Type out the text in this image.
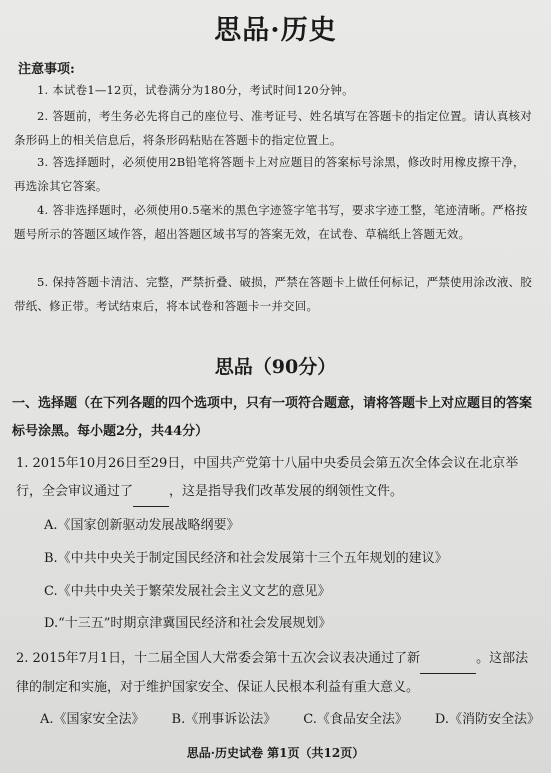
思品·历史
注意事项:
1. 本试卷1—12页，试卷满分为180分，考试时间120分钟。
2. 答题前，考生务必先将自己的座位号、准考证号、姓名填写在答题卡的指定位置。请认真核对条形码上的相关信息后，将条形码粘贴在答题卡的指定位置上。
3. 答选择题时，必须使用2B铅笔将答题卡上对应题目的答案标号涂黑，修改时用橡皮擦干净，再选涂其它答案。
4. 答非选择题时，必须使用0.5毫米的黑色字迹签字笔书写，要求字迹工整，笔迹清晰。严格按题号所示的答题区域作答，超出答题区域书写的答案无效，在试卷、草稿纸上答题无效。
5. 保持答题卡清洁、完整，严禁折叠、破损，严禁在答题卡上做任何标记，严禁使用涂改液、胶带纸、修正带。考试结束后，将本试卷和答题卡一并交回。
思品（90分）
一、选择题（在下列各题的四个选项中，只有一项符合题意，请将答题卡上对应题目的答案标号涂黑。每小题2分，共44分）
1. 2015年10月26日至29日，中国共产党第十八届中央委员会第五次全体会议在北京举行，全会审议通过了	，这是指导我们改革发展的纲领性文件。
A.《国家创新驱动发展战略纲要》
B.《中共中央关于制定国民经济和社会发展第十三个五年规划的建议》
C.《中共中央关于繁荣发展社会主义文艺的意见》
D.“十三五”时期京津冀国民经济和社会发展规划》
2. 2015年7月1日，十二届全国人大常委会第十五次会议表决通过了新	。这部法律的制定和实施，对于维护国家安全、保证人民根本利益有重大意义。
A.《国家安全法》 B.《刑事诉讼法》 C.《食品安全法》 D.《消防安全法》
思品·历史试卷 第1页（共12页）
